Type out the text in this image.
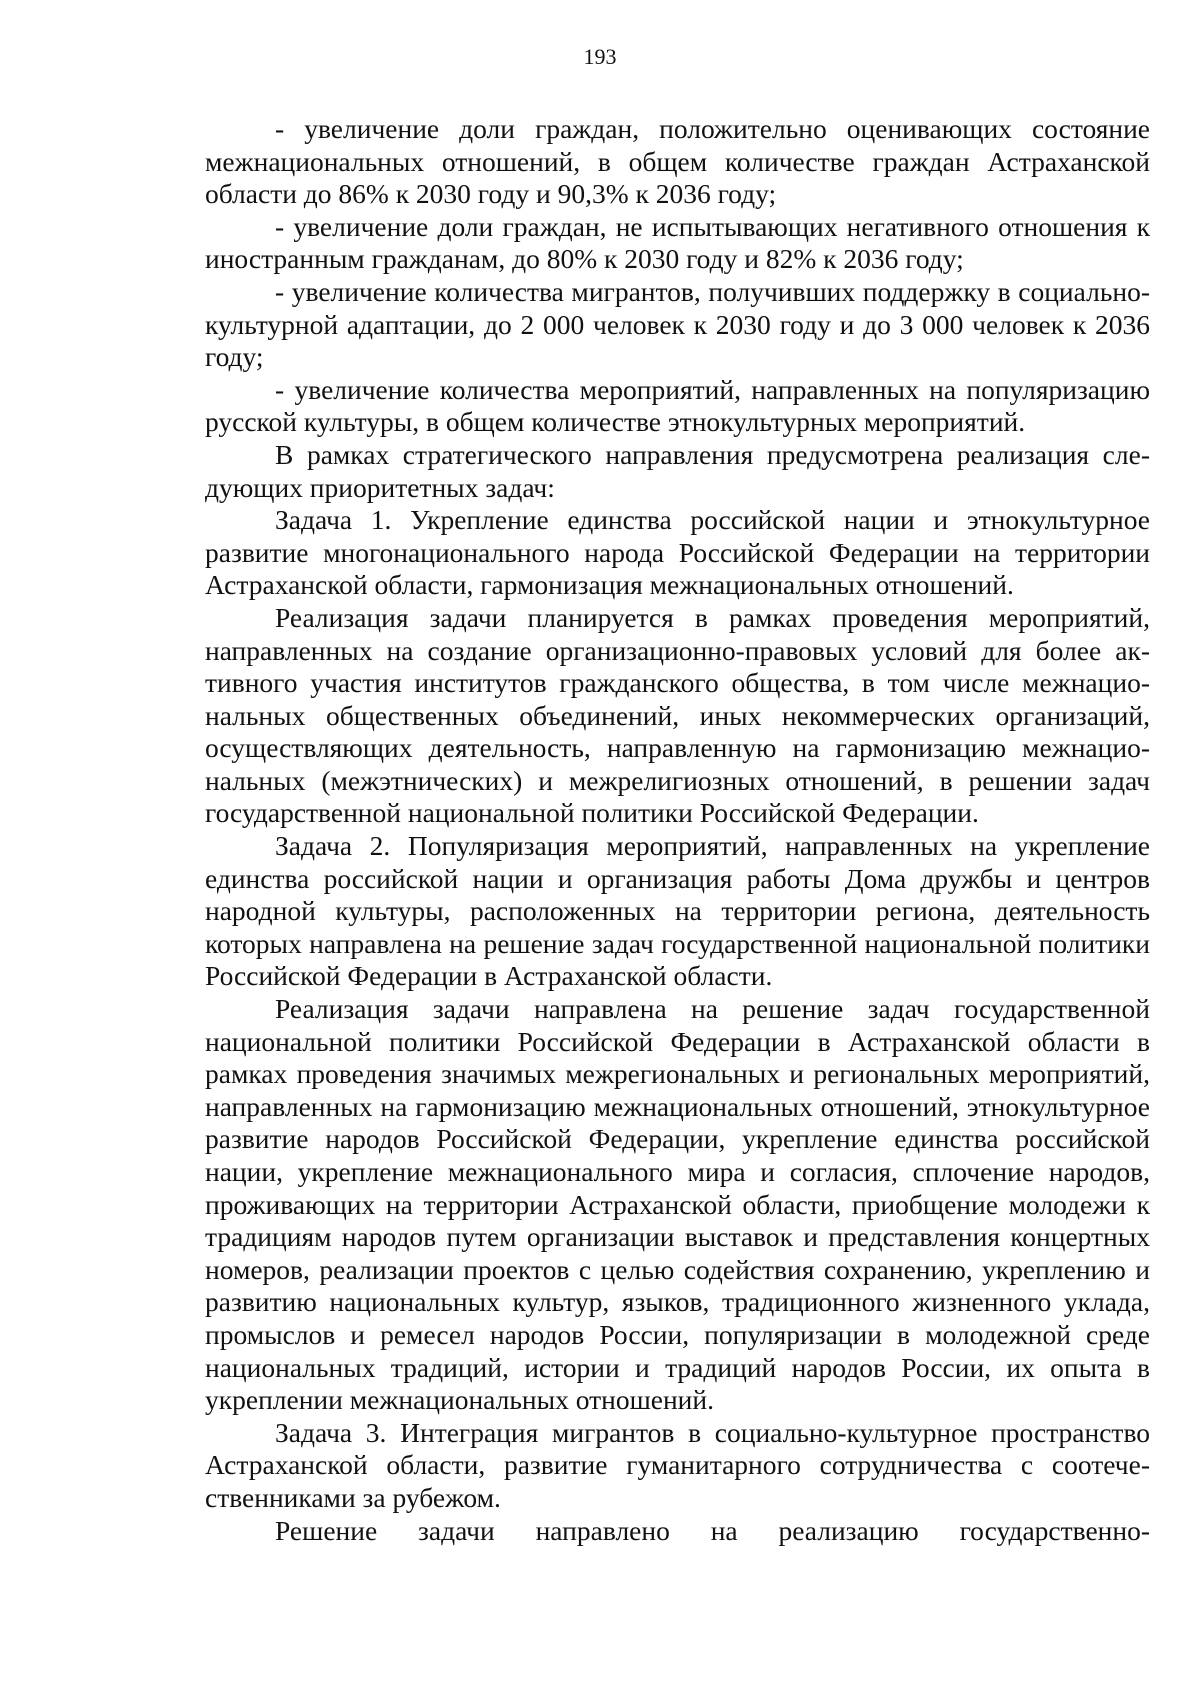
193

- увеличение доли граждан, положительно оценивающих состояние межнациональных отношений, в общем количестве граждан Астраханской области до 86% к 2030 году и 90,3% к 2036 году;

- увеличение доли граждан, не испытывающих негативного отношения к иностранным гражданам, до 80% к 2030 году и 82% к 2036 году;

- увеличение количества мигрантов, получивших поддержку в социально-культурной адаптации, до 2 000 человек к 2030 году и до 3 000 человек к 2036 году;

- увеличение количества мероприятий, направленных на популяризацию русской культуры, в общем количестве этнокультурных мероприятий.

В рамках стратегического направления предусмотрена реализация следующих приоритетных задач:

Задача 1. Укрепление единства российской нации и этнокультурное развитие многонационального народа Российской Федерации на территории Астраханской области, гармонизация межнациональных отношений.

Реализация задачи планируется в рамках проведения мероприятий, направленных на создание организационно-правовых условий для более активного участия институтов гражданского общества, в том числе межнациональных общественных объединений, иных некоммерческих организаций, осуществляющих деятельность, направленную на гармонизацию межнациональных (межэтнических) и межрелигиозных отношений, в решении задач государственной национальной политики Российской Федерации.

Задача 2. Популяризация мероприятий, направленных на укрепление единства российской нации и организация работы Дома дружбы и центров народной культуры, расположенных на территории региона, деятельность которых направлена на решение задач государственной национальной политики Российской Федерации в Астраханской области.

Реализация задачи направлена на решение задач государственной национальной политики Российской Федерации в Астраханской области в рамках проведения значимых межрегиональных и региональных мероприятий, направленных на гармонизацию межнациональных отношений, этнокультурное развитие народов Российской Федерации, укрепление единства российской нации, укрепление межнационального мира и согласия, сплочение народов, проживающих на территории Астраханской области, приобщение молодежи к традициям народов путем организации выставок и представления концертных номеров, реализации проектов с целью содействия сохранению, укреплению и развитию национальных культур, языков, традиционного жизненного уклада, промыслов и ремесел народов России, популяризации в молодежной среде национальных традиций, истории и традиций народов России, их опыта в укреплении межнациональных отношений.

Задача 3. Интеграция мигрантов в социально-культурное пространство Астраханской области, развитие гуманитарного сотрудничества с соотечественниками за рубежом.

Решение задачи направлено на реализацию государственно-
